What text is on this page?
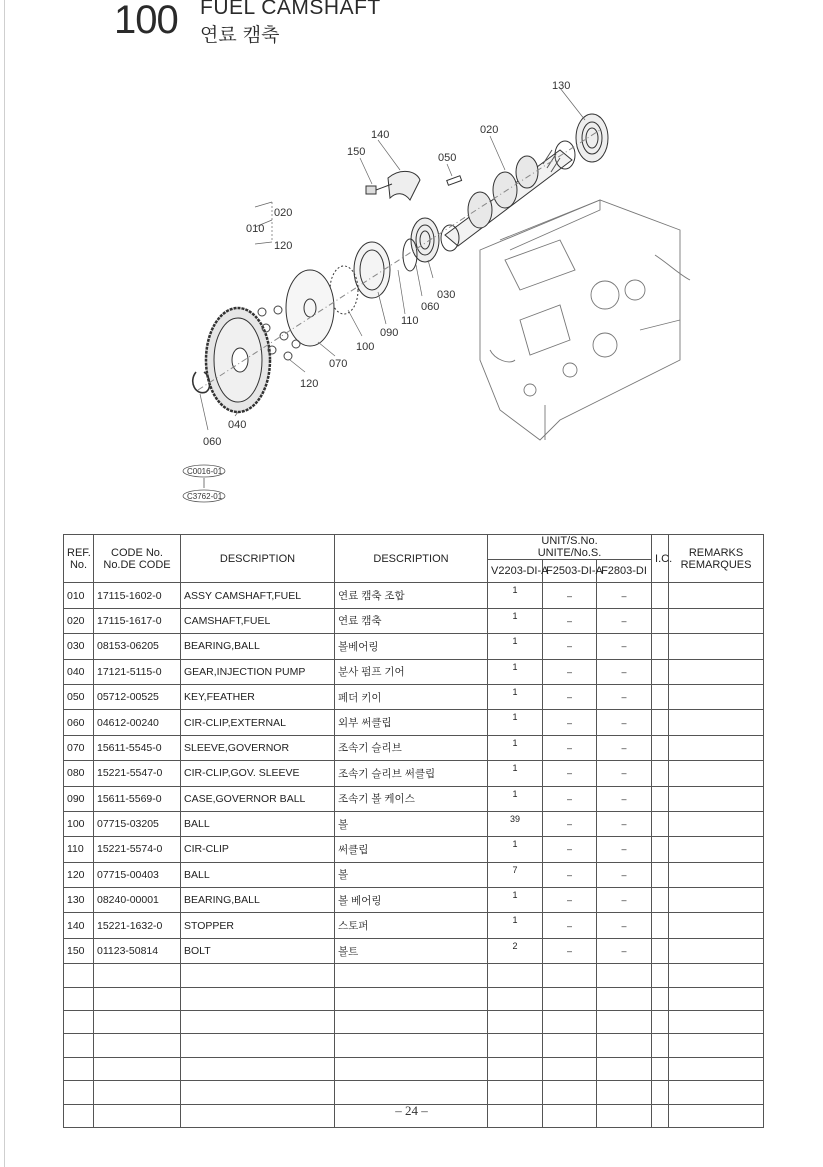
100 FUEL CAMSHAFT
연료 캠축
130
140	020
150	050
020
010
120
030
060
110
090
100
070
120
040
060
C0016-01
C3762-01
REF.
No.	CODE No.
No.DE CODE	DESCRIPTION	DESCRIPTION	UNIT/S.No.
UNITE/No.S.			I.C.	REMARKS
REMARQUES
				V2203-DI-A	F2503-DI-A	F2803-DI		
010	17115-1602-0	ASSY CAMSHAFT,FUEL	연료 캠축 조합	1	–	–		
020	17115-1617-0	CAMSHAFT,FUEL	연료 캠축	1	–	–		
030	08153-06205	BEARING,BALL	볼베어링	1	–	–		
040	17121-5115-0	GEAR,INJECTION PUMP	분사 펌프 기어	1	–	–		
050	05712-00525	KEY,FEATHER	페더 키이	1	–	–		
060	04612-00240	CIR-CLIP,EXTERNAL	외부 써클립	1	–	–		
070	15611-5545-0	SLEEVE,GOVERNOR	조속기 슬리브	1	–	–		
080	15221-5547-0	CIR-CLIP,GOV. SLEEVE	조속기 슬리브 써클립	1	–	–		
090	15611-5569-0	CASE,GOVERNOR BALL	조속기 볼 케이스	1	–	–		
100	07715-03205	BALL	볼	39	–	–		
110	15221-5574-0	CIR-CLIP	써클립	1	–	–		
120	07715-00403	BALL	볼	7	–	–		
130	08240-00001	BEARING,BALL	볼 베어링	1	–	–		
140	15221-1632-0	STOPPER	스토퍼	1	–	–		
150	01123-50814	BOLT	볼트	2	–	–		

– 24 –
